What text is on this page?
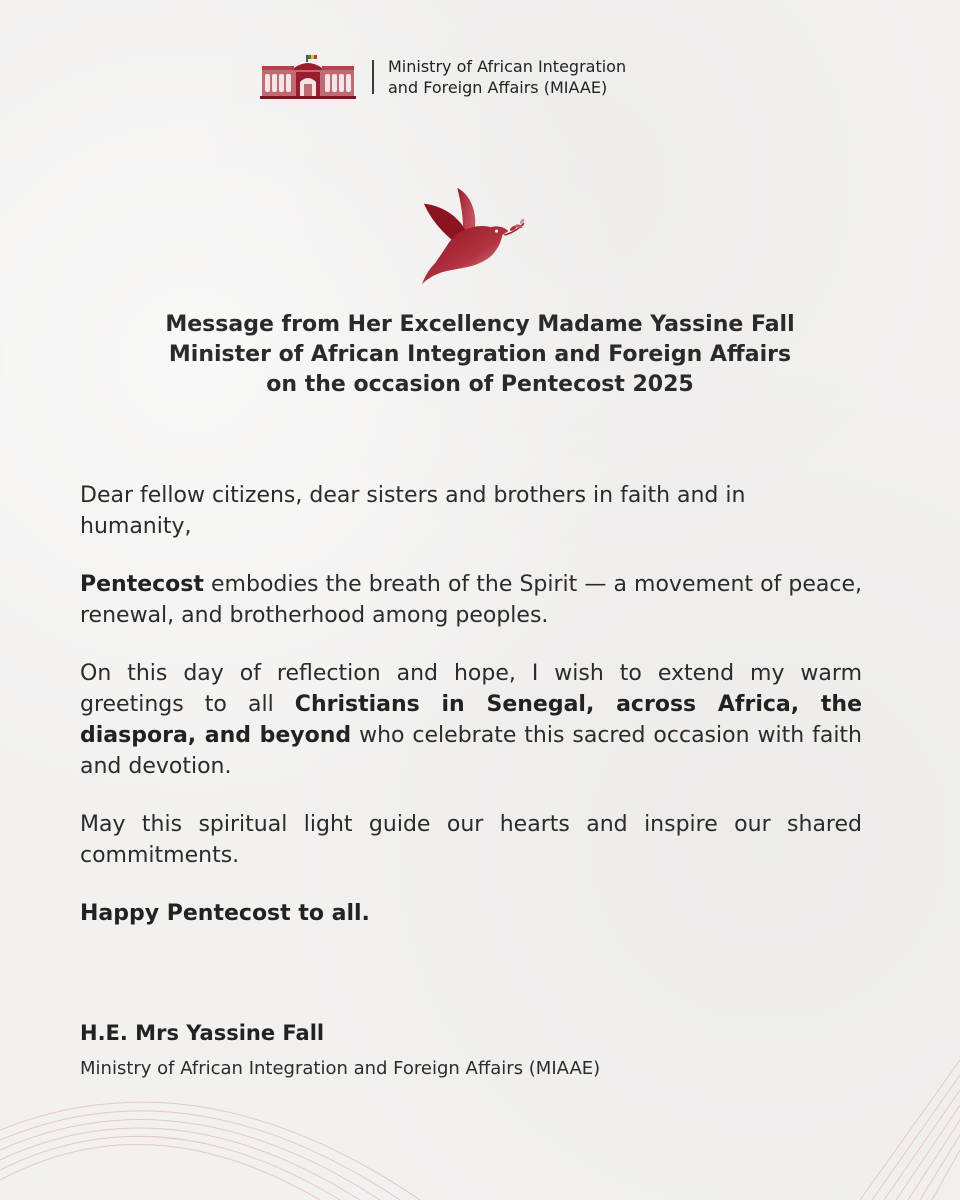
Ministry of African Integration
and Foreign Affairs (MIAAE)

Message from Her Excellency Madame Yassine Fall
Minister of African Integration and Foreign Affairs
on the occasion of Pentecost 2025

Dear fellow citizens, dear sisters and brothers in faith and in humanity,

Pentecost embodies the breath of the Spirit — a movement of peace, renewal, and brotherhood among peoples.

On this day of reflection and hope, I wish to extend my warm greetings to all Christians in Senegal, across Africa, the diaspora, and beyond who celebrate this sacred occasion with faith and devotion.

May this spiritual light guide our hearts and inspire our shared commitments.

Happy Pentecost to all.

H.E. Mrs Yassine Fall

Ministry of African Integration and Foreign Affairs (MIAAE)
